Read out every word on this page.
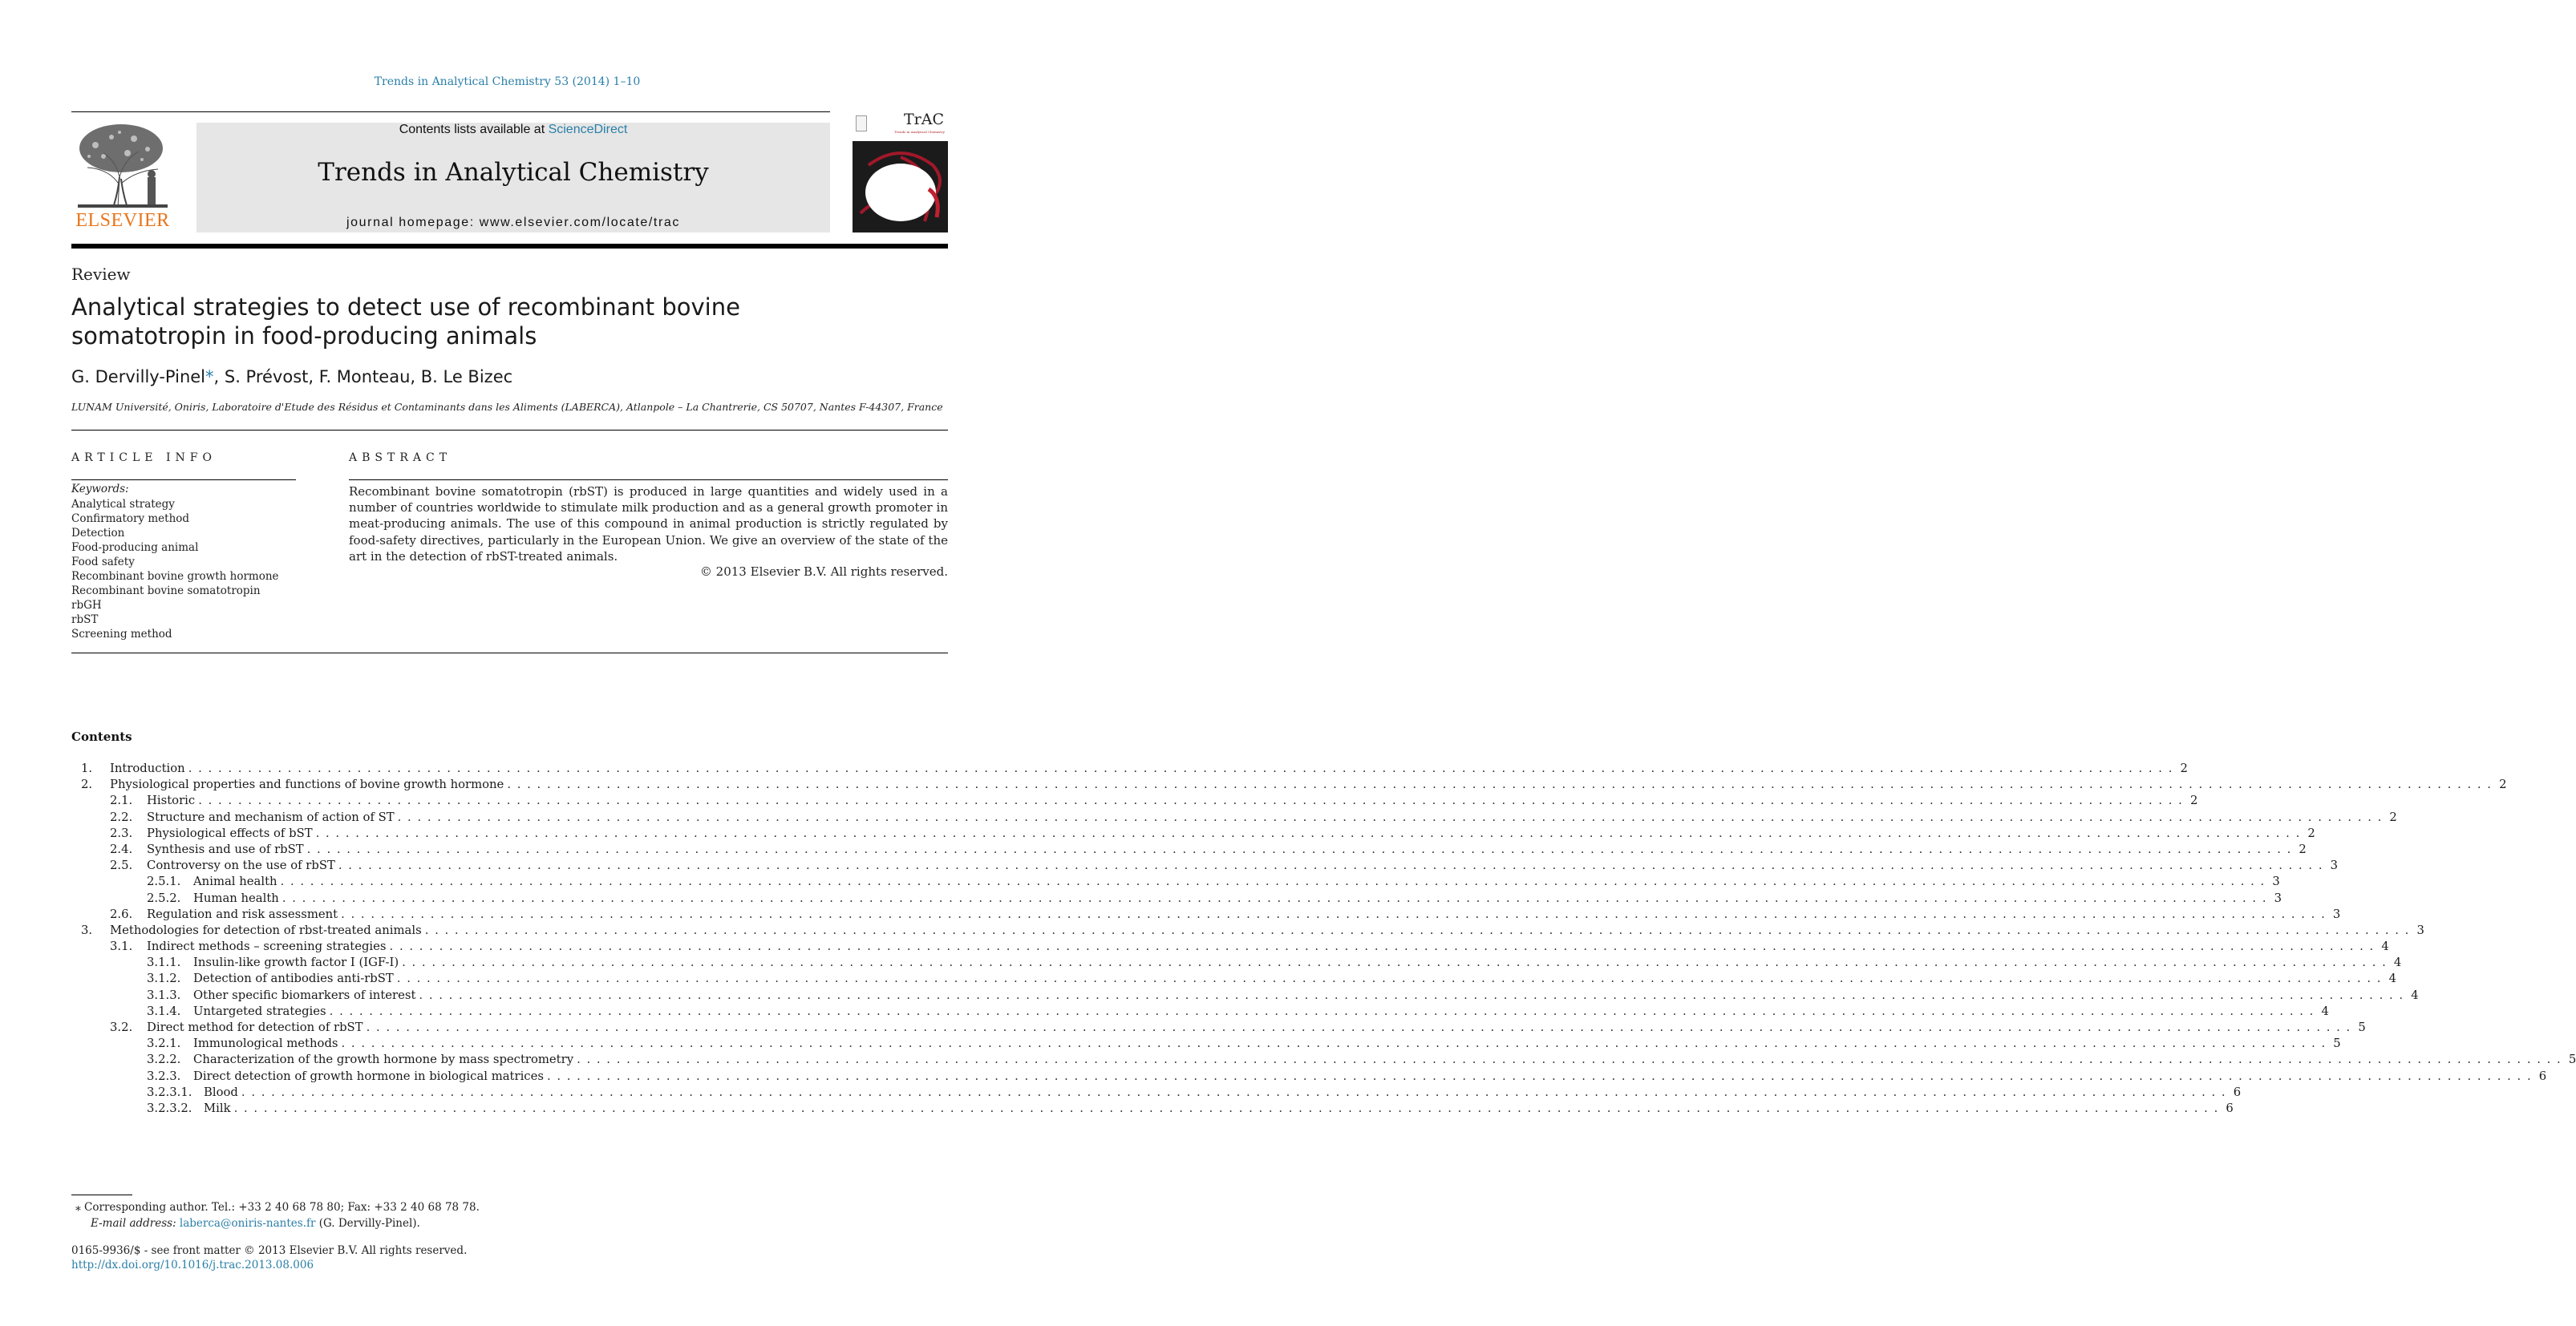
Trends in Analytical Chemistry 53 (2014) 1–10
ELSEVIER
Contents lists available at ScienceDirect
Trends in Analytical Chemistry
journal homepage: www.elsevier.com/locate/trac
TrAC
Trends in Analytical Chemistry
Review
Analytical strategies to detect use of recombinant bovine somatotropin in food-producing animals
G. Dervilly-Pinel*, S. Prévost, F. Monteau, B. Le Bizec
LUNAM Université, Oniris, Laboratoire d'Etude des Résidus et Contaminants dans les Aliments (LABERCA), Atlanpole – La Chantrerie, CS 50707, Nantes F-44307, France
ARTICLE INFO
Keywords:
Analytical strategy
Confirmatory method
Detection
Food-producing animal
Food safety
Recombinant bovine growth hormone
Recombinant bovine somatotropin
rbGH
rbST
Screening method
ABSTRACT
Recombinant bovine somatotropin (rbST) is produced in large quantities and widely used in a number of countries worldwide to stimulate milk production and as a general growth promoter in meat-producing animals. The use of this compound in animal production is strictly regulated by food-safety directives, particularly in the European Union. We give an overview of the state of the art in the detection of rbST-treated animals.
© 2013 Elsevier B.V. All rights reserved.
Contents
1.	Introduction . . . . . . . . . . . . . . . . . . . . . . . . . . . . . . . . . . . . . . . . . . . . . . . . . . . . . . . . . . . . . . . . . . . . . . . . . . . . . . . . . . . . . . . . . . . . . . . . . . . . . . . . . . . . . . . . . . . . . . . . . . . . . . . . . . . . . . . . . . . . . . . . . . . . . . . . . . . . . . . . . . . . . . . . . . . . . . . . . . . . . . . . . . . . . . . . . . . . . . . . 2
2.	Physiological properties and functions of bovine growth hormone . . . . . . . . . . . . . . . . . . . . . . . . . . . . . . . . . . . . . . . . . . . . . . . . . . . . . . . . . . . . . . . . . . . . . . . . . . . . . . . . . . . . . . . . . . . . . . . . . . . . . . . . . . . . . . . . . . . . . . . . . . . . . . . . . . . . . . . . . . . . . . . . . . . . . . . . . . . . . . . . . . . . . . . . . . . . . . . . . . . . . . . . . . . . . . . . . . . . . . . . 2
2.1.	Historic . . . . . . . . . . . . . . . . . . . . . . . . . . . . . . . . . . . . . . . . . . . . . . . . . . . . . . . . . . . . . . . . . . . . . . . . . . . . . . . . . . . . . . . . . . . . . . . . . . . . . . . . . . . . . . . . . . . . . . . . . . . . . . . . . . . . . . . . . . . . . . . . . . . . . . . . . . . . . . . . . . . . . . . . . . . . . . . . . . . . . . . . . . . . . . . . . . . . . . . . 2
2.2.	Structure and mechanism of action of ST . . . . . . . . . . . . . . . . . . . . . . . . . . . . . . . . . . . . . . . . . . . . . . . . . . . . . . . . . . . . . . . . . . . . . . . . . . . . . . . . . . . . . . . . . . . . . . . . . . . . . . . . . . . . . . . . . . . . . . . . . . . . . . . . . . . . . . . . . . . . . . . . . . . . . . . . . . . . . . . . . . . . . . . . . . . . . . . . . . . . . . . . . . . . . . . . . . . . . . . . 2
2.3.	Physiological effects of bST . . . . . . . . . . . . . . . . . . . . . . . . . . . . . . . . . . . . . . . . . . . . . . . . . . . . . . . . . . . . . . . . . . . . . . . . . . . . . . . . . . . . . . . . . . . . . . . . . . . . . . . . . . . . . . . . . . . . . . . . . . . . . . . . . . . . . . . . . . . . . . . . . . . . . . . . . . . . . . . . . . . . . . . . . . . . . . . . . . . . . . . . . . . . . . . . . . . . . . . . 2
2.4.	Synthesis and use of rbST . . . . . . . . . . . . . . . . . . . . . . . . . . . . . . . . . . . . . . . . . . . . . . . . . . . . . . . . . . . . . . . . . . . . . . . . . . . . . . . . . . . . . . . . . . . . . . . . . . . . . . . . . . . . . . . . . . . . . . . . . . . . . . . . . . . . . . . . . . . . . . . . . . . . . . . . . . . . . . . . . . . . . . . . . . . . . . . . . . . . . . . . . . . . . . . . . . . . . . . . 2
2.5.	Controversy on the use of rbST . . . . . . . . . . . . . . . . . . . . . . . . . . . . . . . . . . . . . . . . . . . . . . . . . . . . . . . . . . . . . . . . . . . . . . . . . . . . . . . . . . . . . . . . . . . . . . . . . . . . . . . . . . . . . . . . . . . . . . . . . . . . . . . . . . . . . . . . . . . . . . . . . . . . . . . . . . . . . . . . . . . . . . . . . . . . . . . . . . . . . . . . . . . . . . . . . . . . . . . . 3
2.5.1.	Animal health . . . . . . . . . . . . . . . . . . . . . . . . . . . . . . . . . . . . . . . . . . . . . . . . . . . . . . . . . . . . . . . . . . . . . . . . . . . . . . . . . . . . . . . . . . . . . . . . . . . . . . . . . . . . . . . . . . . . . . . . . . . . . . . . . . . . . . . . . . . . . . . . . . . . . . . . . . . . . . . . . . . . . . . . . . . . . . . . . . . . . . . . . . . . . . . . . . . . . . . . 3
2.5.2.	Human health . . . . . . . . . . . . . . . . . . . . . . . . . . . . . . . . . . . . . . . . . . . . . . . . . . . . . . . . . . . . . . . . . . . . . . . . . . . . . . . . . . . . . . . . . . . . . . . . . . . . . . . . . . . . . . . . . . . . . . . . . . . . . . . . . . . . . . . . . . . . . . . . . . . . . . . . . . . . . . . . . . . . . . . . . . . . . . . . . . . . . . . . . . . . . . . . . . . . . . . . 3
2.6.	Regulation and risk assessment . . . . . . . . . . . . . . . . . . . . . . . . . . . . . . . . . . . . . . . . . . . . . . . . . . . . . . . . . . . . . . . . . . . . . . . . . . . . . . . . . . . . . . . . . . . . . . . . . . . . . . . . . . . . . . . . . . . . . . . . . . . . . . . . . . . . . . . . . . . . . . . . . . . . . . . . . . . . . . . . . . . . . . . . . . . . . . . . . . . . . . . . . . . . . . . . . . . . . . . . 3
3.	Methodologies for detection of rbst-treated animals . . . . . . . . . . . . . . . . . . . . . . . . . . . . . . . . . . . . . . . . . . . . . . . . . . . . . . . . . . . . . . . . . . . . . . . . . . . . . . . . . . . . . . . . . . . . . . . . . . . . . . . . . . . . . . . . . . . . . . . . . . . . . . . . . . . . . . . . . . . . . . . . . . . . . . . . . . . . . . . . . . . . . . . . . . . . . . . . . . . . . . . . . . . . . . . . . . . . . . . . 3
3.1.	Indirect methods – screening strategies . . . . . . . . . . . . . . . . . . . . . . . . . . . . . . . . . . . . . . . . . . . . . . . . . . . . . . . . . . . . . . . . . . . . . . . . . . . . . . . . . . . . . . . . . . . . . . . . . . . . . . . . . . . . . . . . . . . . . . . . . . . . . . . . . . . . . . . . . . . . . . . . . . . . . . . . . . . . . . . . . . . . . . . . . . . . . . . . . . . . . . . . . . . . . . . . . . . . . . . . 4
3.1.1.	Insulin-like growth factor I (IGF-I) . . . . . . . . . . . . . . . . . . . . . . . . . . . . . . . . . . . . . . . . . . . . . . . . . . . . . . . . . . . . . . . . . . . . . . . . . . . . . . . . . . . . . . . . . . . . . . . . . . . . . . . . . . . . . . . . . . . . . . . . . . . . . . . . . . . . . . . . . . . . . . . . . . . . . . . . . . . . . . . . . . . . . . . . . . . . . . . . . . . . . . . . . . . . . . . . . . . . . . . . 4
3.1.2.	Detection of antibodies anti-rbST . . . . . . . . . . . . . . . . . . . . . . . . . . . . . . . . . . . . . . . . . . . . . . . . . . . . . . . . . . . . . . . . . . . . . . . . . . . . . . . . . . . . . . . . . . . . . . . . . . . . . . . . . . . . . . . . . . . . . . . . . . . . . . . . . . . . . . . . . . . . . . . . . . . . . . . . . . . . . . . . . . . . . . . . . . . . . . . . . . . . . . . . . . . . . . . . . . . . . . . . 4
3.1.3.	Other specific biomarkers of interest . . . . . . . . . . . . . . . . . . . . . . . . . . . . . . . . . . . . . . . . . . . . . . . . . . . . . . . . . . . . . . . . . . . . . . . . . . . . . . . . . . . . . . . . . . . . . . . . . . . . . . . . . . . . . . . . . . . . . . . . . . . . . . . . . . . . . . . . . . . . . . . . . . . . . . . . . . . . . . . . . . . . . . . . . . . . . . . . . . . . . . . . . . . . . . . . . . . . . . . . 4
3.1.4.	Untargeted strategies . . . . . . . . . . . . . . . . . . . . . . . . . . . . . . . . . . . . . . . . . . . . . . . . . . . . . . . . . . . . . . . . . . . . . . . . . . . . . . . . . . . . . . . . . . . . . . . . . . . . . . . . . . . . . . . . . . . . . . . . . . . . . . . . . . . . . . . . . . . . . . . . . . . . . . . . . . . . . . . . . . . . . . . . . . . . . . . . . . . . . . . . . . . . . . . . . . . . . . . . 4
3.2.	Direct method for detection of rbST . . . . . . . . . . . . . . . . . . . . . . . . . . . . . . . . . . . . . . . . . . . . . . . . . . . . . . . . . . . . . . . . . . . . . . . . . . . . . . . . . . . . . . . . . . . . . . . . . . . . . . . . . . . . . . . . . . . . . . . . . . . . . . . . . . . . . . . . . . . . . . . . . . . . . . . . . . . . . . . . . . . . . . . . . . . . . . . . . . . . . . . . . . . . . . . . . . . . . . . . 5
3.2.1.	Immunological methods . . . . . . . . . . . . . . . . . . . . . . . . . . . . . . . . . . . . . . . . . . . . . . . . . . . . . . . . . . . . . . . . . . . . . . . . . . . . . . . . . . . . . . . . . . . . . . . . . . . . . . . . . . . . . . . . . . . . . . . . . . . . . . . . . . . . . . . . . . . . . . . . . . . . . . . . . . . . . . . . . . . . . . . . . . . . . . . . . . . . . . . . . . . . . . . . . . . . . . . . 5
3.2.2.	Characterization of the growth hormone by mass spectrometry . . . . . . . . . . . . . . . . . . . . . . . . . . . . . . . . . . . . . . . . . . . . . . . . . . . . . . . . . . . . . . . . . . . . . . . . . . . . . . . . . . . . . . . . . . . . . . . . . . . . . . . . . . . . . . . . . . . . . . . . . . . . . . . . . . . . . . . . . . . . . . . . . . . . . . . . . . . . . . . . . . . . . . . . . . . . . . . . . . . . . . . . . . . . . . . . . . . . . . . . 5
3.2.3.	Direct detection of growth hormone in biological matrices . . . . . . . . . . . . . . . . . . . . . . . . . . . . . . . . . . . . . . . . . . . . . . . . . . . . . . . . . . . . . . . . . . . . . . . . . . . . . . . . . . . . . . . . . . . . . . . . . . . . . . . . . . . . . . . . . . . . . . . . . . . . . . . . . . . . . . . . . . . . . . . . . . . . . . . . . . . . . . . . . . . . . . . . . . . . . . . . . . . . . . . . . . . . . . . . . . . . . . . . 6
3.2.3.1. Blood . . . . . . . . . . . . . . . . . . . . . . . . . . . . . . . . . . . . . . . . . . . . . . . . . . . . . . . . . . . . . . . . . . . . . . . . . . . . . . . . . . . . . . . . . . . . . . . . . . . . . . . . . . . . . . . . . . . . . . . . . . . . . . . . . . . . . . . . . . . . . . . . . . . . . . . . . . . . . . . . . . . . . . . . . . . . . . . . . . . . . . . . . . . . . . . . . . . . . . . . 6
3.2.3.2. Milk . . . . . . . . . . . . . . . . . . . . . . . . . . . . . . . . . . . . . . . . . . . . . . . . . . . . . . . . . . . . . . . . . . . . . . . . . . . . . . . . . . . . . . . . . . . . . . . . . . . . . . . . . . . . . . . . . . . . . . . . . . . . . . . . . . . . . . . . . . . . . . . . . . . . . . . . . . . . . . . . . . . . . . . . . . . . . . . . . . . . . . . . . . . . . . . . . . . . . . . . 6
⁎ Corresponding author. Tel.: +33 2 40 68 78 80; Fax: +33 2 40 68 78 78.
E-mail address: laberca@oniris-nantes.fr (G. Dervilly-Pinel).
0165-9936/$ - see front matter © 2013 Elsevier B.V. All rights reserved.
http://dx.doi.org/10.1016/j.trac.2013.08.006
